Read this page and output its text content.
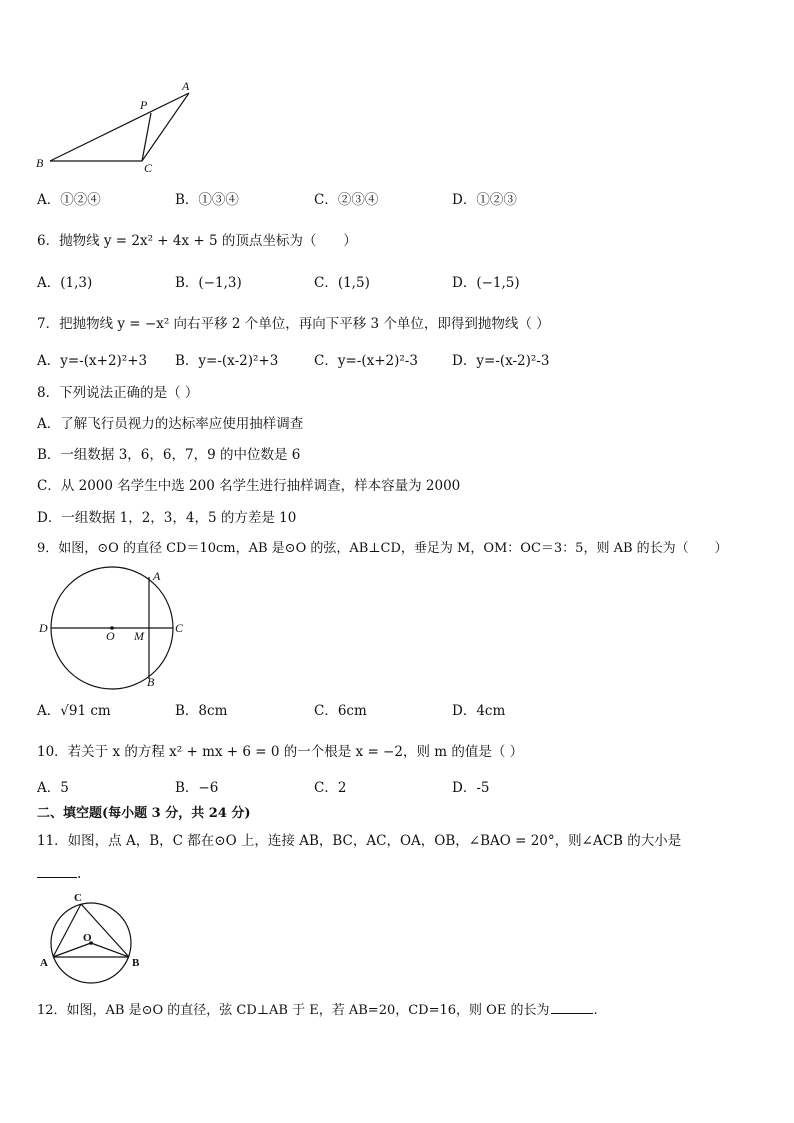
A
B	C
P
A．①②④	B．①③④	C．②③④	D．①②③
6．抛物线 y = 2x² + 4x + 5 的顶点坐标为（　　）
A．(1,3)	B．(−1,3)	C．(1,5)	D．(−1,5)
7．把抛物线 y = −x² 向右平移 2 个单位，再向下平移 3 个单位，即得到抛物线（ ）
A．y=-(x+2)²+3 B．y=-(x-2)²+3	C．y=-(x+2)²-3	D．y=-(x-2)²-3
8．下列说法正确的是（ ）
A．了解飞行员视力的达标率应使用抽样调查
B．一组数据 3，6，6，7，9 的中位数是 6
C．从 2000 名学生中选 200 名学生进行抽样调查，样本容量为 2000
D．一组数据 1，2，3，4，5 的方差是 10
9．如图，⊙O 的直径 CD＝10cm，AB 是⊙O 的弦，AB⊥CD，垂足为 M，OM：OC＝3：5，则 AB 的长为（　　）
D	C
A
B
O M
A．√91 cm	B．8cm	C．6cm	D．4cm
10．若关于 x 的方程 x² + mx + 6 = 0 的一个根是 x = −2，则 m 的值是（ ）
A．5	B．−6	C．2	D．-5
二、填空题(每小题 3 分，共 24 分)
11．如图，点 A，B，C 都在⊙O 上，连接 AB，BC，AC，OA，OB，∠BAO = 20°，则∠ACB 的大小是
.
C
A	B
O
12．如图，AB 是⊙O 的直径，弦 CD⊥AB 于 E，若 AB=20，CD=16，则 OE 的长为	.
